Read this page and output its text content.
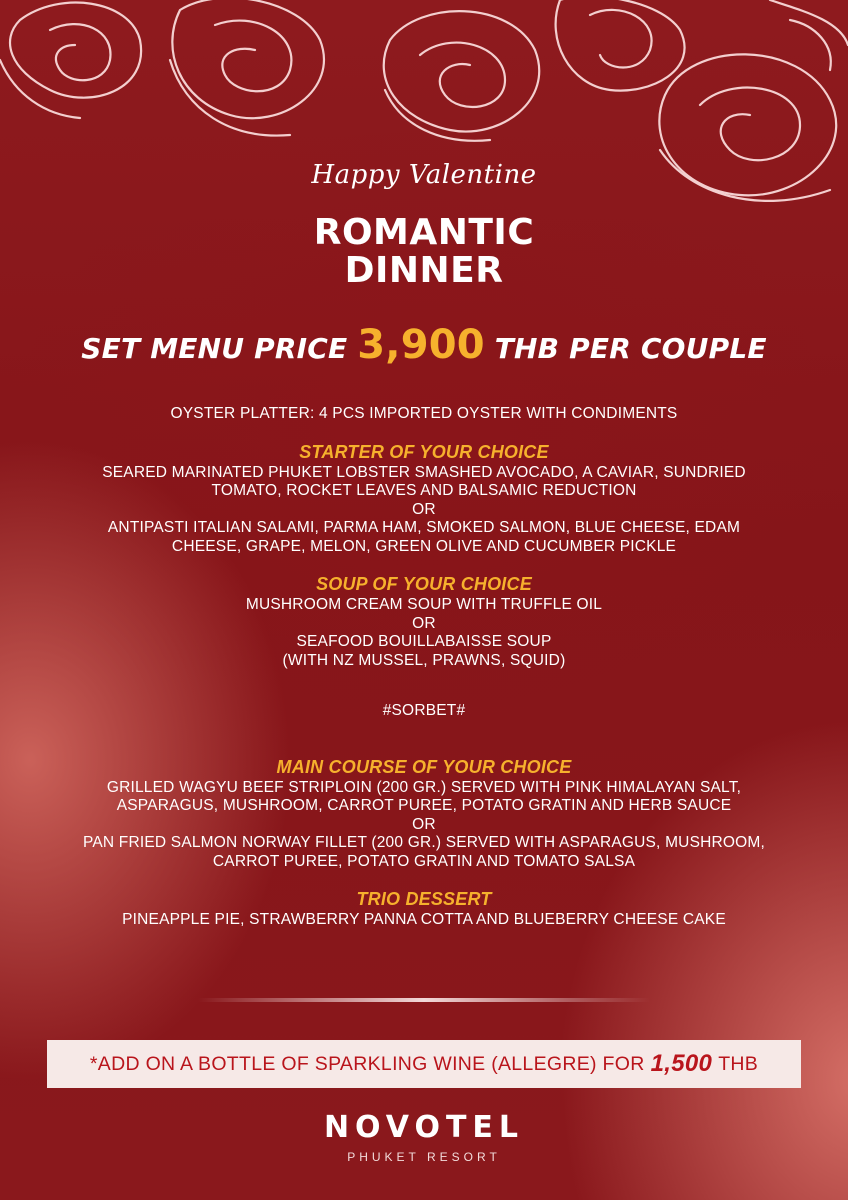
Happy Valentine
ROMANTIC
DINNER
SET MENU PRICE 3,900 THB PER COUPLE

OYSTER PLATTER: 4 PCS IMPORTED OYSTER WITH CONDIMENTS

STARTER OF YOUR CHOICE

SEARED MARINATED PHUKET LOBSTER SMASHED AVOCADO, A CAVIAR, SUNDRIED

TOMATO, ROCKET LEAVES AND BALSAMIC REDUCTION

OR

ANTIPASTI ITALIAN SALAMI, PARMA HAM, SMOKED SALMON, BLUE CHEESE, EDAM

CHEESE, GRAPE, MELON, GREEN OLIVE AND CUCUMBER PICKLE

SOUP OF YOUR CHOICE

MUSHROOM CREAM SOUP WITH TRUFFLE OIL

OR

SEAFOOD BOUILLABAISSE SOUP

(WITH NZ MUSSEL, PRAWNS, SQUID)

#SORBET#

MAIN COURSE OF YOUR CHOICE

GRILLED WAGYU BEEF STRIPLOIN (200 GR.) SERVED WITH PINK HIMALAYAN SALT,

ASPARAGUS, MUSHROOM, CARROT PUREE, POTATO GRATIN AND HERB SAUCE

OR

PAN FRIED SALMON NORWAY FILLET (200 GR.) SERVED WITH ASPARAGUS, MUSHROOM,

CARROT PUREE, POTATO GRATIN AND TOMATO SALSA

TRIO DESSERT

PINEAPPLE PIE, STRAWBERRY PANNA COTTA AND BLUEBERRY CHEESE CAKE

*ADD ON A BOTTLE OF SPARKLING WINE (ALLEGRE) FOR 1,500 THB
NOVOTEL
PHUKET RESORT
